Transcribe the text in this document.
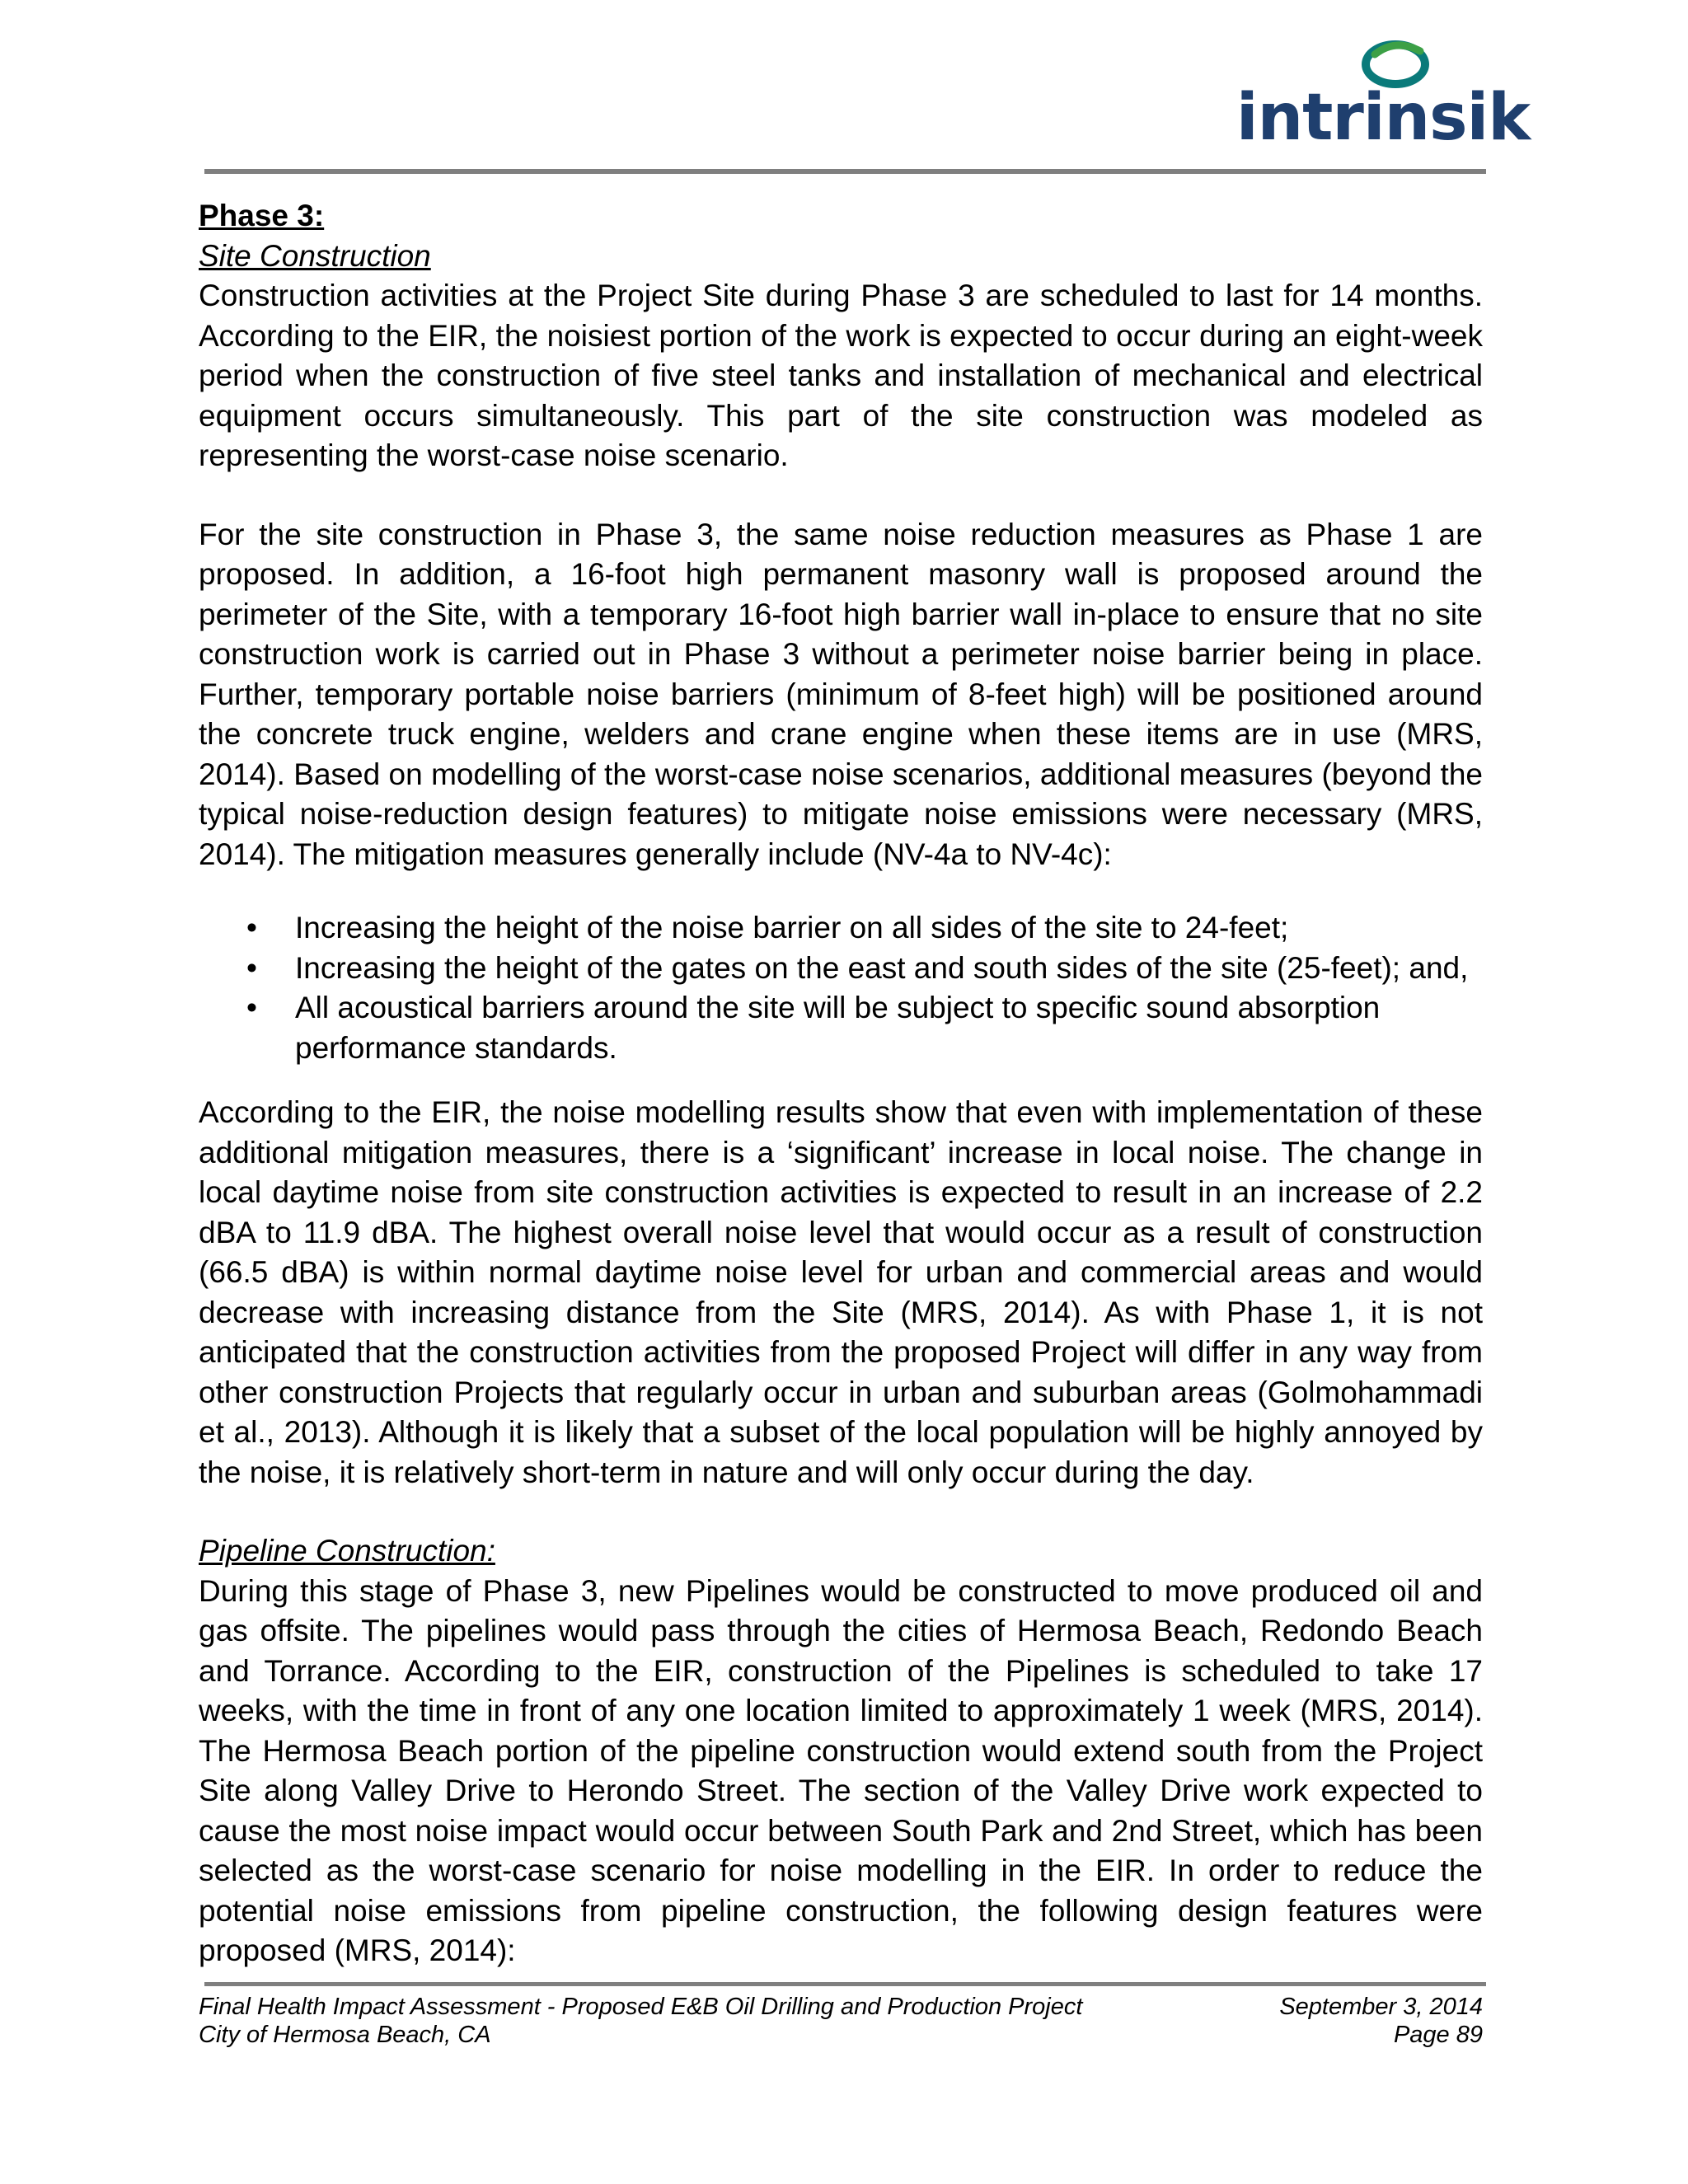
intrinsik

Phase 3:

Site Construction

Construction activities at the Project Site during Phase 3 are scheduled to last for 14 months. According to the EIR, the noisiest portion of the work is expected to occur during an eight-week period when the construction of five steel tanks and installation of mechanical and electrical equipment occurs simultaneously. This part of the site construction was modeled as representing the worst-case noise scenario.

For the site construction in Phase 3, the same noise reduction measures as Phase 1 are proposed. In addition, a 16-foot high permanent masonry wall is proposed around the perimeter of the Site, with a temporary 16-foot high barrier wall in-place to ensure that no site construction work is carried out in Phase 3 without a perimeter noise barrier being in place. Further, temporary portable noise barriers (minimum of 8-feet high) will be positioned around the concrete truck engine, welders and crane engine when these items are in use (MRS, 2014). Based on modelling of the worst-case noise scenarios, additional measures (beyond the typical noise-reduction design features) to mitigate noise emissions were necessary (MRS, 2014). The mitigation measures generally include (NV-4a to NV-4c):

• Increasing the height of the noise barrier on all sides of the site to 24-feet;
• Increasing the height of the gates on the east and south sides of the site (25-feet); and,
• All acoustical barriers around the site will be subject to specific sound absorption performance standards.

According to the EIR, the noise modelling results show that even with implementation of these additional mitigation measures, there is a ‘significant’ increase in local noise. The change in local daytime noise from site construction activities is expected to result in an increase of 2.2 dBA to 11.9 dBA. The highest overall noise level that would occur as a result of construction (66.5 dBA) is within normal daytime noise level for urban and commercial areas and would decrease with increasing distance from the Site (MRS, 2014). As with Phase 1, it is not anticipated that the construction activities from the proposed Project will differ in any way from other construction Projects that regularly occur in urban and suburban areas (Golmohammadi et al., 2013). Although it is likely that a subset of the local population will be highly annoyed by the noise, it is relatively short-term in nature and will only occur during the day.

Pipeline Construction:

During this stage of Phase 3, new Pipelines would be constructed to move produced oil and gas offsite. The pipelines would pass through the cities of Hermosa Beach, Redondo Beach and Torrance. According to the EIR, construction of the Pipelines is scheduled to take 17 weeks, with the time in front of any one location limited to approximately 1 week (MRS, 2014). The Hermosa Beach portion of the pipeline construction would extend south from the Project Site along Valley Drive to Herondo Street. The section of the Valley Drive work expected to cause the most noise impact would occur between South Park and 2nd Street, which has been selected as the worst-case scenario for noise modelling in the EIR. In order to reduce the potential noise emissions from pipeline construction, the following design features were proposed (MRS, 2014):

Final Health Impact Assessment - Proposed E&B Oil Drilling and Production Project	September 3, 2014
City of Hermosa Beach, CA	Page 89
